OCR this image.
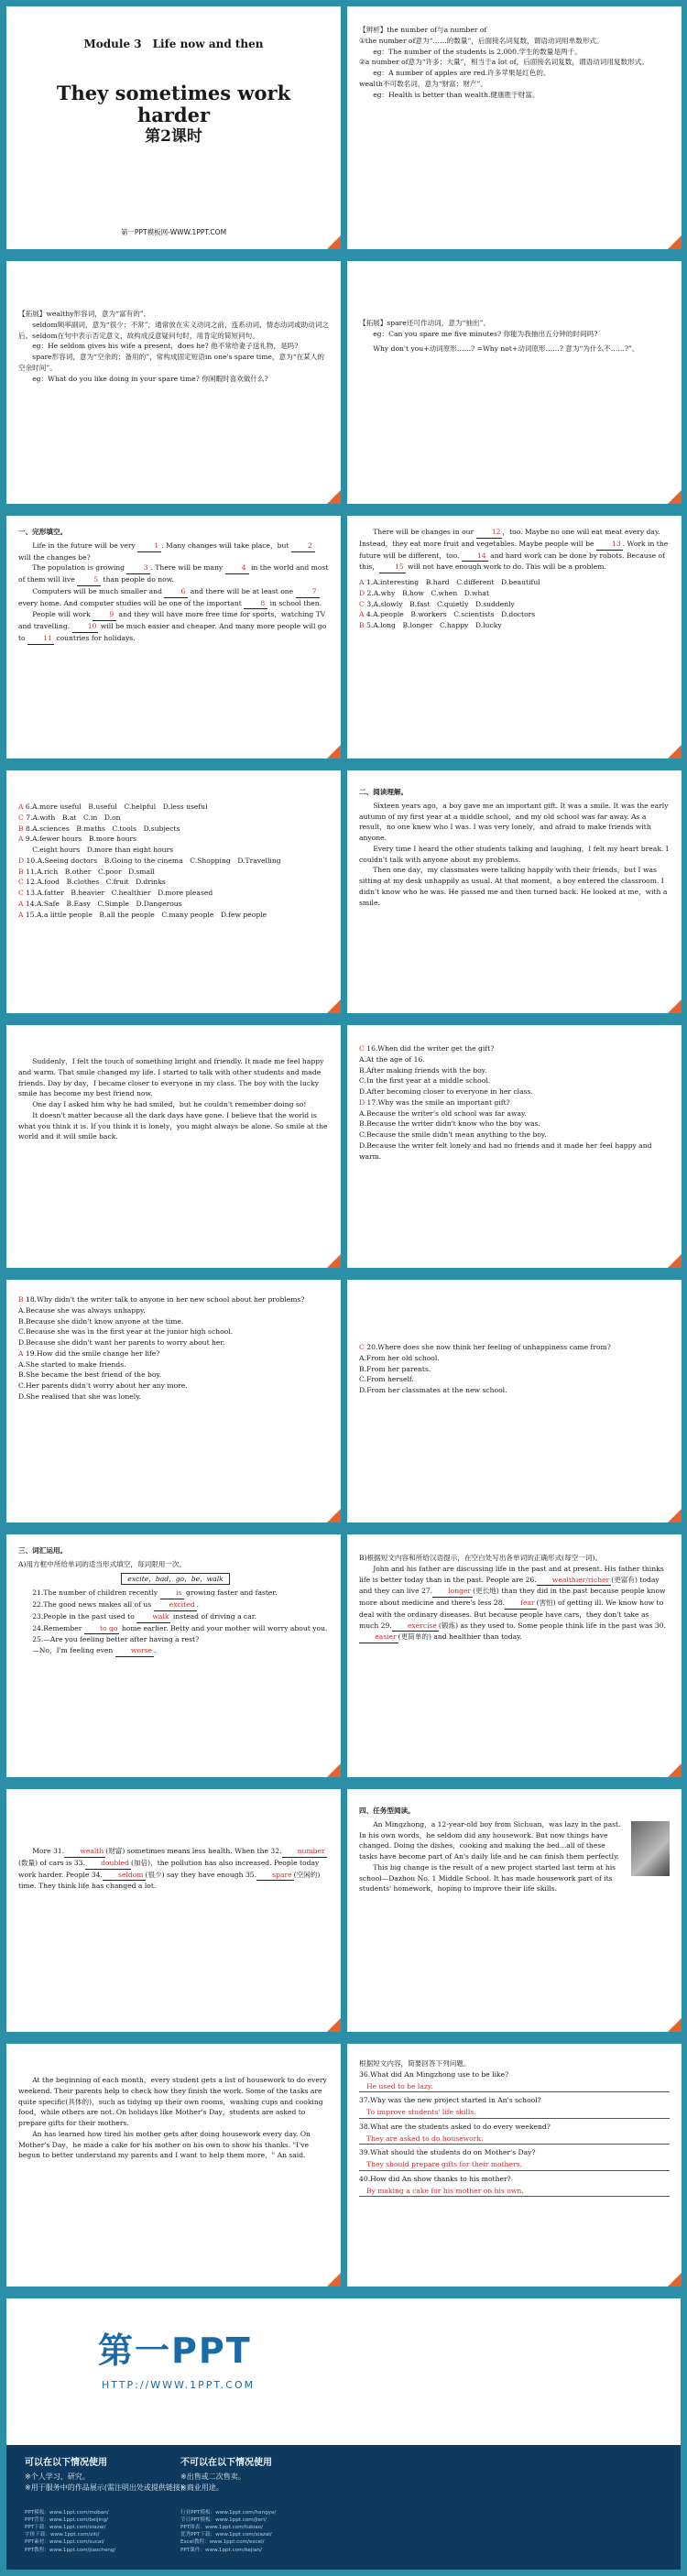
Module 3　Life now and then

They sometimes work harder

第2课时

第一PPT模板网-WWW.1PPT.COM

【辨析】the number of与a number of

①the number of意为“……的数量”，后面接名词复数，谓语动词用单数形式。

eg：The number of the students is 2,000.学生的数量是两千。

②a number of意为“许多；大量”，相当于a lot of，后面接名词复数，谓语动词用复数形式。

eg：A number of apples are red.许多苹果是红色的。

wealth不可数名词，意为“财富；财产”。

eg：Health is better than wealth.健康胜于财富。

【拓展】wealthy形容词，意为“富有的”。

seldom频率副词，意为“很少；不常”，通常放在实义动词之前，连系动词、情态动词或助动词之后。seldom在句中表示否定意义，故构成反意疑问句时，用肯定的简短问句。

eg：He seldom gives his wife a present，does he? 他不常给妻子送礼物，是吗?

spare形容词，意为“空余的；备用的”，常构成固定短语in one's spare time，意为“在某人的空余时间”。

eg：What do you like doing in your spare time? 你闲暇时喜欢做什么?

【拓展】spare还可作动词，意为“抽出”。

eg：Can you spare me five minutes? 你能为我抽出五分钟的时间吗?

Why don't you+动词原形……? =Why not+动词原形……? 意为“为什么不……?”。

一、完形填空。

Life in the future will be very 1 . Many changes will take place，but 2 will the changes be?

The population is growing 3 . There will be many 4 in the world and most of them will live 5 than people do now.

Computers will be much smaller and 6 and there will be at least one 7 every home. And computer studies will be one of the important 8 in school then.

People will work 9 and they will have more free time for sports，watching TV and travelling. 10 will be much easier and cheaper. And many more people will go to 11 countries for holidays.

There will be changes in our 12 ，too. Maybe no one will eat meat every day. Instead，they eat more fruit and vegetables. Maybe people will be 13 . Work in the future will be different，too. 14 and hard work can be done by robots. Because of this， 15 will not have enough work to do. This will be a problem.

A 1.A.interesting　B.hard　C.different　D.beautiful

D 2.A.why　B.how　C.when　D.what

C 3.A.slowly　B.fast　C.quietly　D.suddenly

A 4.A.people　B.workers　C.scientists　D.doctors

B 5.A.long　B.longer　C.happy　D.lucky

A 6.A.more useful　B.useful　C.helpful　D.less useful

C 7.A.with　B.at　C.in　D.on

B 8.A.sciences　B.maths　C.tools　D.subjects

A 9.A.fewer hours　B.more hours

C.eight hours　D.more than eight hours

D 10.A.Seeing doctors　B.Going to the cinema　C.Shopping　D.Travelling

B 11.A.rich　B.other　C.poor　D.small

C 12.A.food　B.clothes　C.fruit　D.drinks

C 13.A.fatter　B.heavier　C.healthier　D.more pleased

A 14.A.Safe　B.Easy　C.Simple　D.Dangerous

A 15.A.a little people　B.all the people　C.many people　D.few people

二、阅读理解。

Sixteen years ago，a boy gave me an important gift. It was a smile. It was the early autumn of my first year at a middle school，and my old school was far away. As a result，no one knew who I was. I was very lonely，and afraid to make friends with anyone.

Every time I heard the other students talking and laughing，I felt my heart break. I couldn't talk with anyone about my problems.

Then one day，my classmates were talking happily with their friends，but I was sitting at my desk unhappily as usual. At that moment，a boy entered the classroom. I didn't know who he was. He passed me and then turned back. He looked at me，with a smile.

Suddenly，I felt the touch of something bright and friendly. It made me feel happy and warm. That smile changed my life. I started to talk with other students and made friends. Day by day，I became closer to everyone in my class. The boy with the lucky smile has become my best friend now.

One day I asked him why he had smiled，but he couldn't remember doing so!

It doesn't matter because all the dark days have gone. I believe that the world is what you think it is. If you think it is lonely，you might always be alone. So smile at the world and it will smile back.

C 16.When did the writer get the gift?

A.At the age of 16.

B.After making friends with the boy.

C.In the first year at a middle school.

D.After becoming closer to everyone in her class.

D 17.Why was the smile an important gift?

A.Because the writer's old school was far away.

B.Because the writer didn't know who the boy was.

C.Because the smile didn't mean anything to the boy.

D.Because the writer felt lonely and had no friends and it made her feel happy and warm.

B 18.Why didn't the writer talk to anyone in her new school about her problems?

A.Because she was always unhappy.

B.Because she didn't know anyone at the time.

C.Because she was in the first year at the junior high school.

D.Because she didn't want her parents to worry about her.

A 19.How did the smile change her life?

A.She started to make friends.

B.She became the best friend of the boy.

C.Her parents didn't worry about her any more.

D.She realised that she was lonely.

C 20.Where does she now think her feeling of unhappiness came from?

A.From her old school.

B.From her parents.

C.From herself.

D.From her classmates at the new school.

三、词汇运用。

A)用方框中所给单词的适当形式填空，每词限用一次。

excite，bad，go，be，walk

21.The number of children recently is growing faster and faster.

22.The good news makes all of us excited .

23.People in the past used to walk instead of driving a car.

24.Remember to go home earlier. Betty and your mother will worry about you.

25.—Are you feeling better after having a rest?

—No，I'm feeling even worse .

B)根据短文内容和所给汉语提示，在空白处写出各单词的正确形式(每空一词)。

John and his father are discussing life in the past and at present. His father thinks life is better today than in the past. People are 26. wealthier/richer (更富有) today and they can live 27. longer (更长地) than they did in the past because people know more about medicine and there's less 28. fear (害怕) of getting ill. We know how to deal with the ordinary diseases. But because people have cars，they don't take as much 29. exercise (锻炼) as they used to. Some people think life in the past was 30.easier (更简单的) and healthier than today.

More 31. wealth (财富) sometimes means less health. When the 32. number(数量) of cars is 33. doubled (加倍)，the pollution has also increased. People today work harder. People 34. seldom (很少) say they have enough 35. spare (空闲的) time. They think life has changed a lot.

四、任务型阅读。

An Mingzhong，a 12-year-old boy from Sichuan，was lazy in the past. In his own words，he seldom did any housework. But now things have changed. Doing the dishes，cooking and making the bed...all of these tasks have become part of An's daily life and he can finish them perfectly.

This big change is the result of a new project started last term at his school—Dazhou No. 1 Middle School. It has made housework part of its students' homework，hoping to improve their life skills.

At the beginning of each month，every student gets a list of housework to do every weekend. Their parents help to check how they finish the work. Some of the tasks are quite specific(具体的)，such as tidying up their own rooms，washing cups and cooking food，while others are not. On holidays like Mother's Day，students are asked to prepare gifts for their mothers.

An has learned how tired his mother gets after doing housework every day. On Mother's Day，he made a cake for his mother on his own to show his thanks. "I've begun to better understand my parents and I want to help them more，" An said.

根据短文内容，简要回答下列问题。

36.What did An Mingzhong use to be like?

He used to be lazy.

37.Why was the new project started in An's school?

To improve students' life skills.

38.What are the students asked to do every weekend?

They are asked to do housework.

39.What should the students do on Mother's Day?

They should prepare gifts for their mothers.

40.How did An show thanks to his mother?

By making a cake for his mother on his own.
第一PPT
HTTP://WWW.1PPT.COM
可以在以下情况使用

※个人学习、研究。

※用于服务中的作品展示(需注明出处或提供链接)。

不可以在以下情况使用

※出售或二次售卖。

※商业用途。

PPT模板：www.1ppt.com/moban/
PPT背景：www.1ppt.com/beijing/
PPT下载：www.1ppt.com/xiazai/
字体下载：www.1ppt.com/ziti/
PPT素材：www.1ppt.com/sucai/
PPT教程：www.1ppt.com/jiaocheng/
行业PPT模板：www.1ppt.com/hangye/
节日PPT模板：www.1ppt.com/jieri/
PPT图表：www.1ppt.com/tubiao/
优秀PPT下载：www.1ppt.com/xiazai/
Excel教程：www.1ppt.com/excel/
PPT课件：www.1ppt.com/kejian/
